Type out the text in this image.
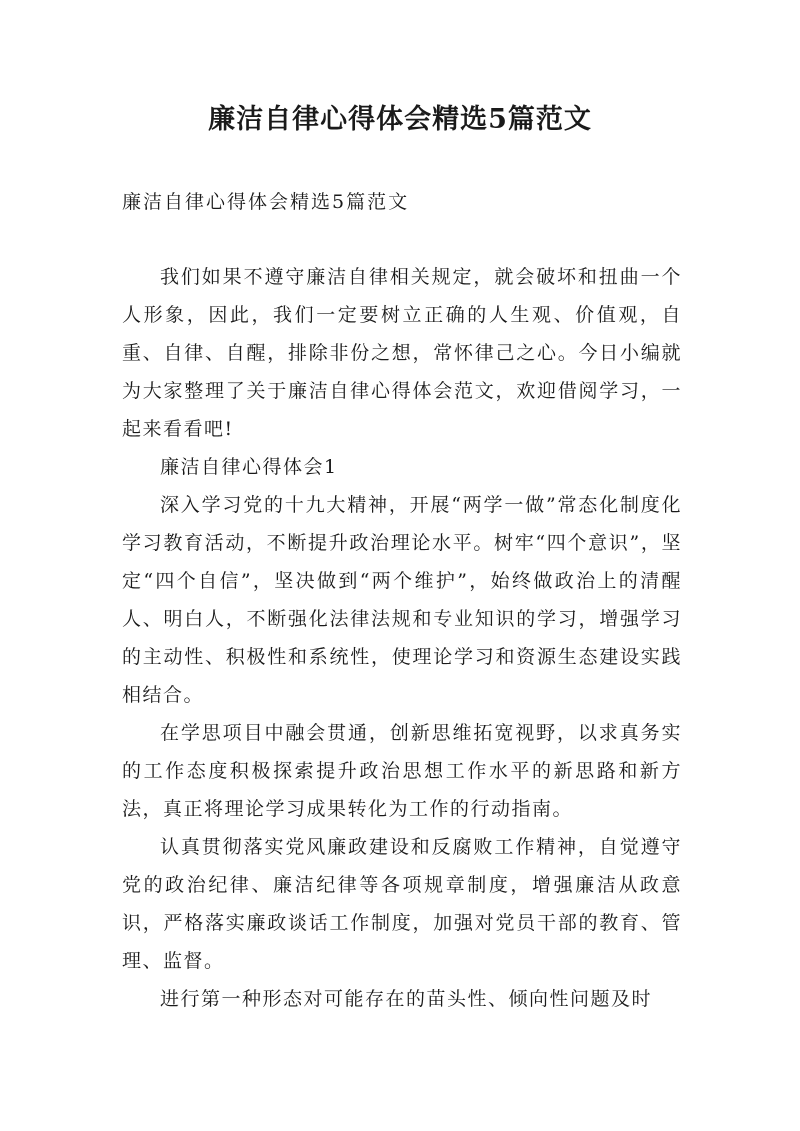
廉洁自律心得体会精选5篇范文

廉洁自律心得体会精选5篇范文

我们如果不遵守廉洁自律相关规定，就会破坏和扭曲一个人形象，因此，我们一定要树立正确的人生观、价值观，自重、自律、自醒，排除非份之想，常怀律己之心。今日小编就为大家整理了关于廉洁自律心得体会范文，欢迎借阅学习，一起来看看吧!

廉洁自律心得体会1

深入学习党的十九大精神，开展“两学一做”常态化制度化学习教育活动，不断提升政治理论水平。树牢“四个意识”，坚定“四个自信”，坚决做到“两个维护”，始终做政治上的清醒人、明白人，不断强化法律法规和专业知识的学习，增强学习的主动性、积极性和系统性，使理论学习和资源生态建设实践相结合。

在学思项目中融会贯通，创新思维拓宽视野，以求真务实的工作态度积极探索提升政治思想工作水平的新思路和新方法，真正将理论学习成果转化为工作的行动指南。

认真贯彻落实党风廉政建设和反腐败工作精神，自觉遵守党的政治纪律、廉洁纪律等各项规章制度，增强廉洁从政意识，严格落实廉政谈话工作制度，加强对党员干部的教育、管理、监督。

进行第一种形态对可能存在的苗头性、倾向性问题及时
